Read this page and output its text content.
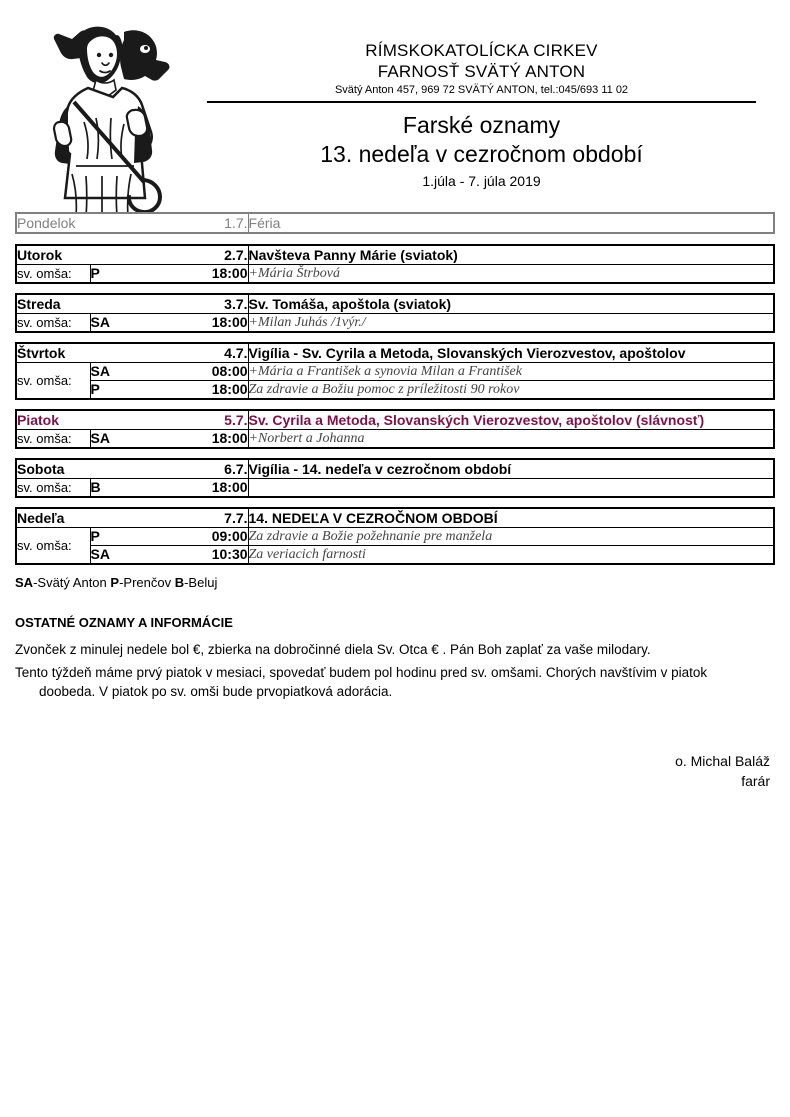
RÍMSKOKATOLÍCKA CIRKEV
FARNOSŤ SVÄTÝ ANTON
Svätý Anton 457, 969 72 SVÄTÝ ANTON, tel.:045/693 11 02
Farské oznamy
13. nedeľa v cezročnom období
1.júla - 7. júla 2019
Pondelok	1.7.	Féria
Utorok		2.7.	Navšteva Panny Márie (sviatok)
sv. omša:	P	18:00	+Mária Štrbová
Streda		3.7.	Sv. Tomáša, apoštola (sviatok)
sv. omša:	SA	18:00	+Milan Juhás /1výr./
Štvrtok		4.7.	Vigília - Sv. Cyrila a Metoda, Slovanských Vierozvestov, apoštolov
sv. omša:	SA	08:00	+Mária a František a synovia Milan a František
	P	18:00	Za zdravie a Božiu pomoc z príležitosti 90 rokov
Piatok		5.7.	Sv. Cyrila a Metoda, Slovanských Vierozvestov, apoštolov (slávnosť)
sv. omša:	SA	18:00	+Norbert a Johanna
Sobota		6.7.	Vigília - 14. nedeľa v cezročnom období
sv. omša:	B	18:00	
Nedeľa		7.7.	14. NEDEĽA V CEZROČNOM OBDOBÍ
sv. omša:	P	09:00	Za zdravie a Božie požehnanie pre manžela
	SA	10:30	Za veriacich farnosti
SA-Svätý Anton P-Prenčov B-Beluj
OSTATNÉ OZNAMY A INFORMÁCIE
Zvonček z minulej nedele bol €, zbierka na dobročinné diela Sv. Otca € . Pán Boh zaplať za vaše milodary.
Tento týždeň máme prvý piatok v mesiaci, spovedať budem pol hodinu pred sv. omšami. Chorých navštívim v piatok doobeda. V piatok po sv. omši bude prvopiatková adorácia.
o. Michal Baláž
farár
